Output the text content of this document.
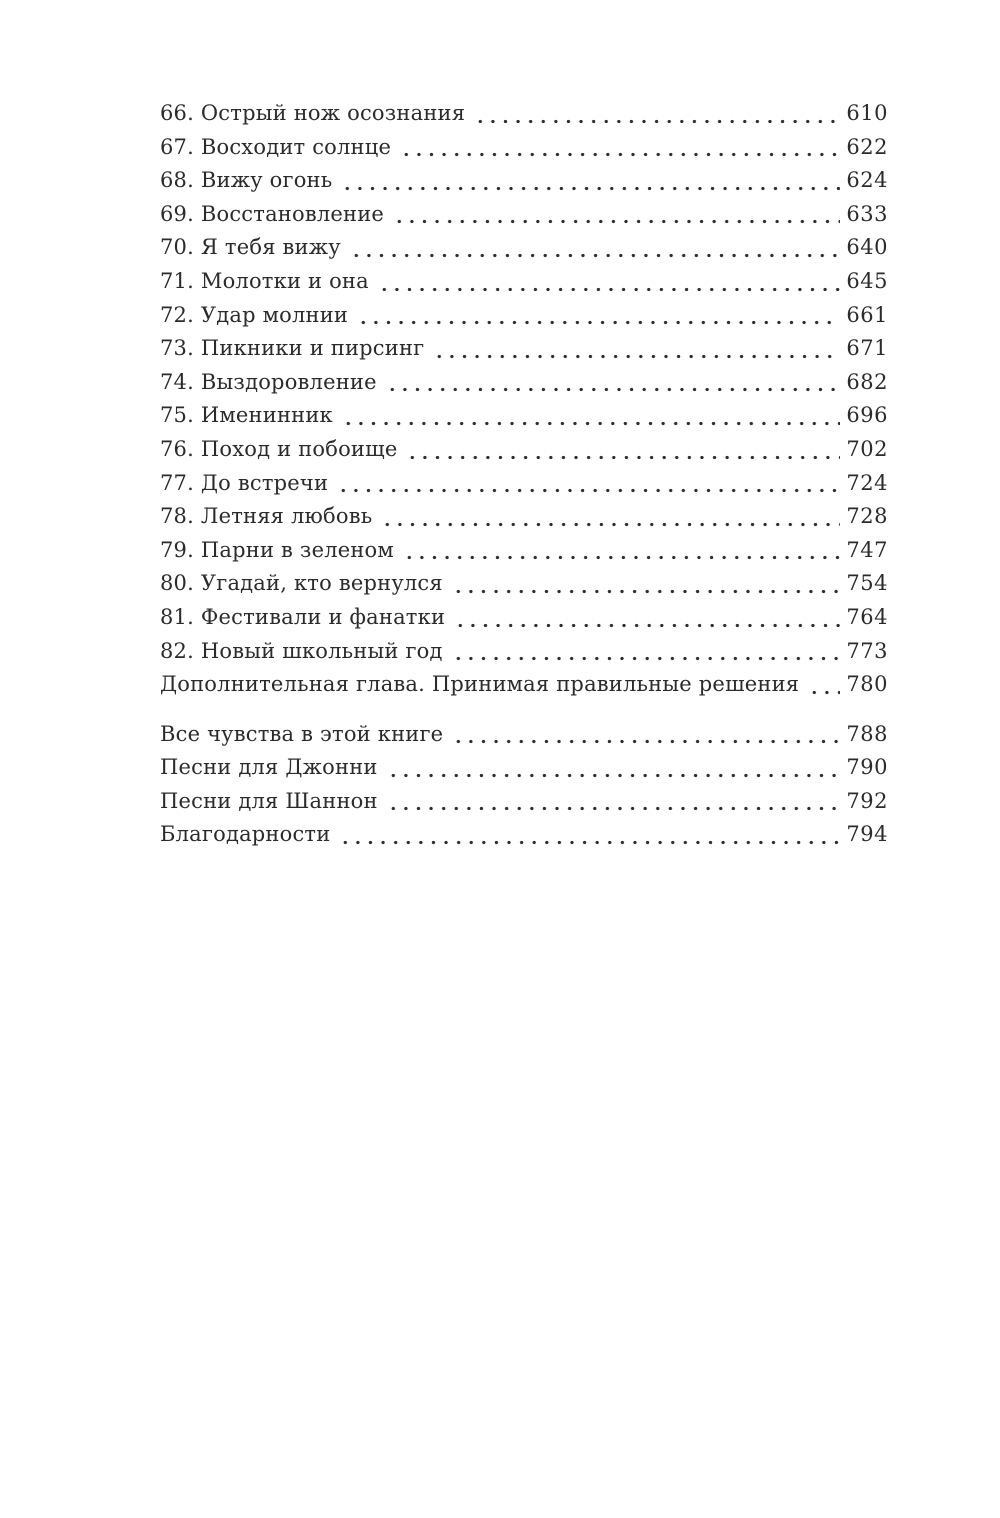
66. Острый нож осознания	610
67. Восходит солнце	622
68. Вижу огонь	624
69. Восстановление	633
70. Я тебя вижу	640
71. Молотки и она	645
72. Удар молнии	661
73. Пикники и пирсинг	671
74. Выздоровление	682
75. Именинник	696
76. Поход и побоище	702
77. До встречи	724
78. Летняя любовь	728
79. Парни в зеленом	747
80. Угадай, кто вернулся	754
81. Фестивали и фанатки	764
82. Новый школьный год	773
Дополнительная глава. Принимая правильные решения 780
Все чувства в этой книге	788
Песни для Джонни	790
Песни для Шаннон	792
Благодарности	794
